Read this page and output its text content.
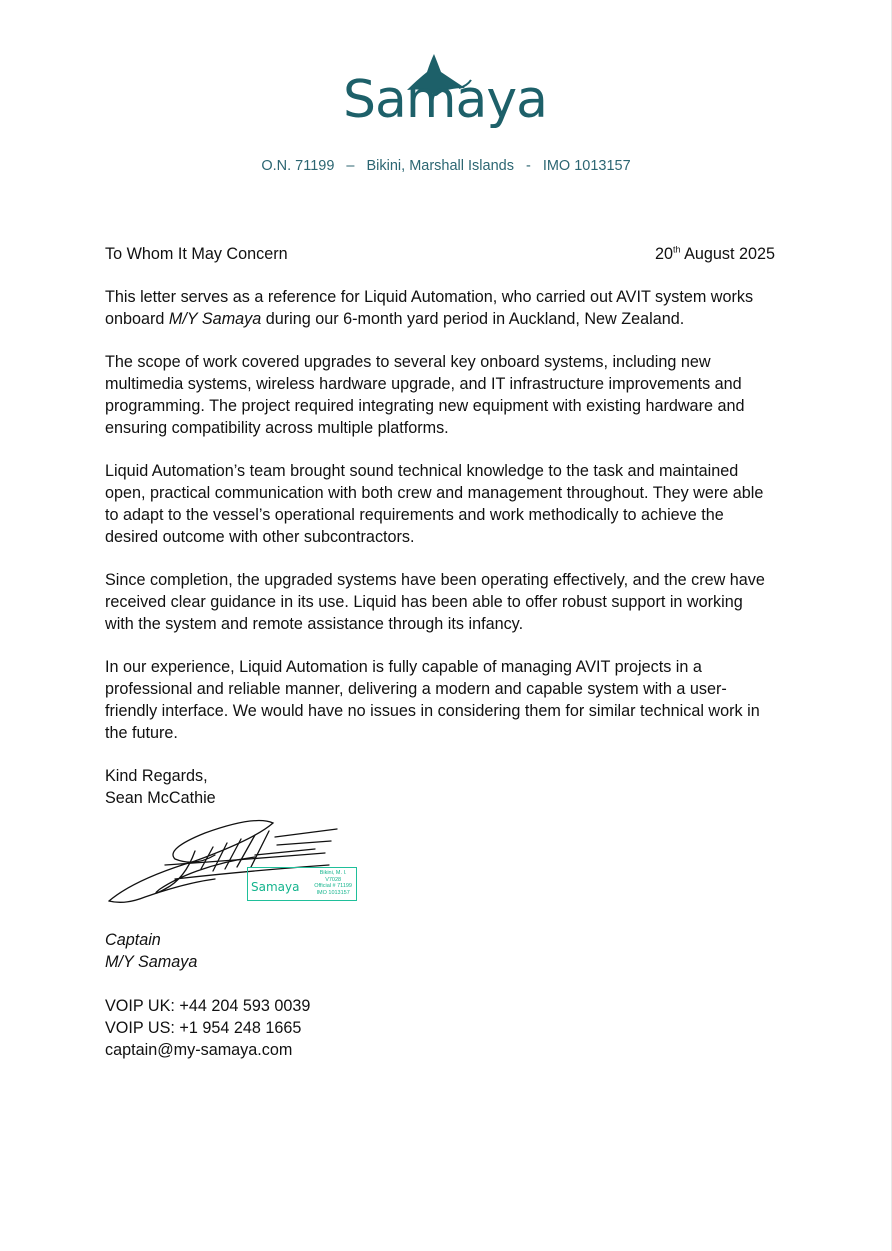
Samaya
O.N. 71199 – Bikini, Marshall Islands - IMO 1013157
To Whom It May Concern	20th August 2025

This letter serves as a reference for Liquid Automation, who carried out AVIT system works onboard M/Y Samaya during our 6-month yard period in Auckland, New Zealand.

The scope of work covered upgrades to several key onboard systems, including new multimedia systems, wireless hardware upgrade, and IT infrastructure improvements and programming. The project required integrating new equipment with existing hardware and ensuring compatibility across multiple platforms.

Liquid Automation’s team brought sound technical knowledge to the task and maintained open, practical communication with both crew and management throughout. They were able to adapt to the vessel’s operational requirements and work methodically to achieve the desired outcome with other subcontractors.

Since completion, the upgraded systems have been operating effectively, and the crew have received clear guidance in its use. Liquid has been able to offer robust support in working with the system and remote assistance through its infancy.

In our experience, Liquid Automation is fully capable of managing AVIT projects in a professional and reliable manner, delivering a modern and capable system with a user-friendly interface. We would have no issues in considering them for similar technical work in the future.

Kind Regards,

Sean McCathie

Samaya
Bikini, M. I.
V7028
Official # 71199
IMO 1013157

Captain

M/Y Samaya

VOIP UK: +44 204 593 0039

VOIP US: +1 954 248 1665

captain@my-samaya.com
